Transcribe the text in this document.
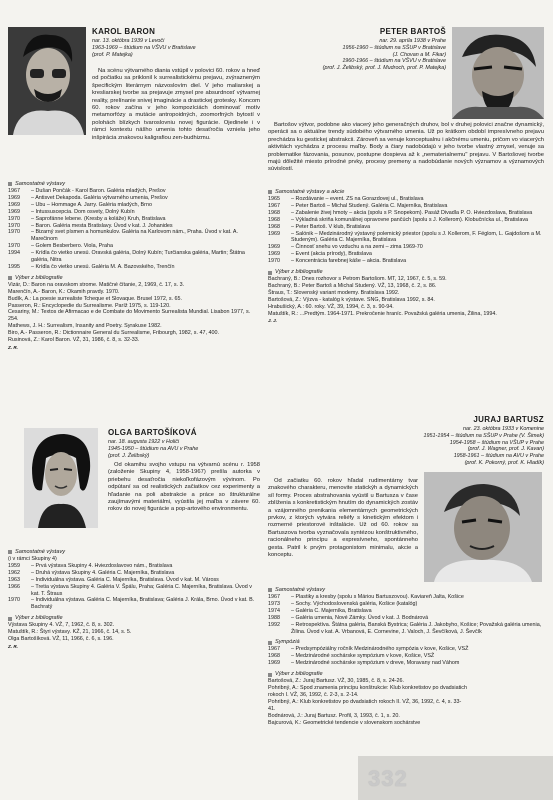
KAROL BARON
nar. 13. októbra 1939 v Levoči
1963-1969 – štúdium na VŠVU v Bratislave
(prof. P. Matejka)

Na scénu výtvarného diania vstúpil v polovici 60. rokov a hneď od počiatku sa priklonil k surrealistickému prejavu, zvýrazneným špecifickým literárnym názvoslovím diel. V jeho maliarskej a kresliarskej tvorbe sa prejavuje zmysel pre absurdnosť výtvarnej reality, prelínanie snivej imaginácie a drastickej grotesky. Koncom 60. rokov začína v jeho kompozíciách dominovať motív metamorfózy a mutácie antropoidných, zoomorfných bytostí v polohách blízkych tvaroslovniu novej figurácie. Ojedinele i v rámci kontextu nášho umenia tohto desaťročia vzniela jeho inšpirácia znakovou kaligrafiou zen-budhizmu.

Samostatné výstavy
1967	– Dušan Pončák - Karol Baron. Galéria mladých, Prešov
1969	– Antisvet Dekapoda. Galéria výtvarného umenia, Prešov
1969	– Ubu – Hommage A. Jarry. Galéria mladých, Brno
1969	– Intussuscepcia. Dom osvety, Dolný Kubín
1970	– Saprofánne lebene. (Kresby a koláže) Kruh, Bratislava
1970	– Baron. Galéria mesta Bratislavy. Úvod v kat. J. Johanides
1970	– Bizarný svet písmen a homunkulov. Galéria na Karlovom nám., Praha. Úvod v kat. A. Marečinom
1970	– Golem Besberbero. Viola, Praha
1994	– Krídla čo vietko unesú. Oravská galéria, Dolný Kubín; Turčianska galéria, Martin; Štátna galéria, Nitra
1995	– Krídla čo vietko unesú. Galéria M. A. Bazovského, Trenčín
Výber z bibliografie
Vizár, D.: Baron na oravskom strome. Matičné čítanie, 2, 1969, č. 17, s. 3.
Marenčín, A.- Baron, K.: Okamih pravdy. 1970.
Budík, A.: La poesie surrealiste Tcheque et Slovaque. Brusel 1972, s. 65.
Passeron, R.: Encyclopedie du Surrealisme. Paríž 1975, s. 119-120.
Cesariny, M.: Textos de Afirmacao e de Combate do Movimento Surrealista Mundial. Lisabon 1977, s. 254.
Mathews, J. H.: Surrealism, Insanity and Poetry. Syrakuse 1982.
Biro, A.- Passeron, R.: Dictionnaire General du Surrealisme, Fribourgh, 1982, s. 47, 400.
Rusinová, Z.: Karol Baron. VŽ, 31, 1986, č. 8, s. 32-33.
Z. R.
PETER BARTOŠ
nar. 29. apríla 1938 v Prahe
1956-1960 – štúdium na SŠUP v Bratislave
(J. Chovan a M. Fikar)
1960-1966 – štúdium na VŠVU v Bratislave
(prof. J. Želibský, prof. J. Mudroch, prof. P. Matejka)

Bartošov výtvor, podobne ako viacerý jeho generačných druhov, bol v druhej polovici značne dynamický, operácii sa o aktuálne trendy súdobého výtvarného umenia. Už po krátkom období impresívneho prejavu prechádza ku gestickej abstrakcii. Zároveň sa venuje konceptualnu i akčnému umeniu, pričom vo viacerých aktivitách vychádza z procesu maľby. Body a čiary nadobúdajú v jeho tvorbe vlastný zmysel, venuje sa problematike fázovania, posunov, postupne dospieva až k „nematerialnemu" prejavu. V Bartošovej tvorbe majú dôležité miesto prírodné prvky, procesy premeny a nadobúdanie nových významov a významových súvislostí.

Samostatné výstavy a akcie
1965	– Rozdávanie – event. ZS na Gorazdovej ul., Bratislava
1967	– Peter Bartoš – Michal Studený. Galéria C. Majerníka, Bratislava
1968	– Zabalenie živej hmoty – akcia (spolu s P. Snopekom). Pasáž Divadla P. O. Hviezdoslava, Bratislava
1968	– Výkladná skriňa komunálnej opravovne pančúch (spolu s J. Kollerom). Klobučnícka ul., Bratislava
1968	– Peter Bartoš. V klub, Bratislava
1969	– Salónik – Medzinárodný výstavný polemický priestor (spolu s J. Kollerom, F. Féglom, L. Gajdošom a M. Studeným). Galéria C. Majerníka, Bratislava
1969	– Činnosť snehu vo vzduchu a na zemi – zima 1969-70
1969	– Event (akcia prírody), Bratislava
1970	– Koncentrácia farebnej káše – akcia. Bratislava
Výber z bibliografie
Bachraný, B.: Dnes rozhovor s Petrom Bartošom. MT, 12, 1967, č. 5, s. 59.
Bachraný, B.: Peter Bartoš a Michal Studený. VŽ, 13, 1968, č. 2, s. 86.
Štraus, T.: Slovenský variant modemy. Bratislava 1992.
Bartošová, Z.: Výzva - katalóg k výstave. SNG, Bratislava 1992, s. 84.
Hrabušický, A.: 60. roky. VŽ, 39, 1994, č. 3, s. 90-94.
Matuštík, R.: ...Predtým. 1964-1971. Prekročenie hraníc. Považská galéria umenia, Žilina, 1994.
J. J.
OLGA BARTOŠÍKOVÁ
nar. 18. augusta 1922 v Holiči
1945-1950 – štúdium na AVU v Prahe
(prof. J. Želibský)

Od okamihu svojho vstupu na výtvarnú scénu r. 1958 (založenie Skupiny 4, 1958-1967) prešla autorka v priebehu desaťročia niekoľkofázovým vývinom. Po odpútaní sa od realistických začiatkov cez experimenty a hľadanie na poli abstrakcie a práce so štrukturálne zaujímavými materiálmi, vyústila jej maľba v závere 60. rokov do novej figurácie a pop-artového environmentu.

Samostatné výstavy
(i v rámci Skupiny 4)
1959	– Prvá výstava Skupiny 4. Hviezdoslavovo nám., Bratislava
1962	– Druhá výstava Skupiny 4. Galéria C. Majerníka, Bratislava
1963	– Individuálna výstava. Galéria C. Majerníka, Bratislava. Úvod v kat. M. Váross
1966	– Tretia výstava Skupiny 4. Galéria V. Špálu, Praha; Galéria C. Majerníka, Bratislava. Úvod v kat. T. Štraus
1970	– Individuálna výstava. Galéria C. Majerníka, Bratislava; Galéria J. Krála, Brno. Úvod v kat. B. Bachratý
Výber z bibliografie
Výstava Skupiny 4. VŽ, 7, 1962, č. 8, s. 302.
Matuštík, R.: Štyri výstavy. KŽ, 21, 1966, č. 14, s. 5.
Olga Bartošíková. VŽ, 11, 1966, č. 6, s. 196.
Z. R.
JURAJ BARTUSZ
nar. 23. októbra 1933 v Komenine
1951-1954 – štúdium na SŠUP v Prahe (V. Šimek)
1954-1958 – štúdium na VŠUP v Prahe
(prof. J. Wagner, prof. J. Kavan)
1958-1961 – štúdium na AVU v Prahe
(prof. K. Pokorný, prof. K. Hladík)

Od začiatku 60. rokov hľadal rudimentárny tvar znakového charakteru, menovite statickýh a dynamických síl formy. Proces abstrahovania vyústil u Bartusza v čase zblíženia s konkretistickým hnutím do dynamických zostáv a vzájomného prenikania elementárnych geometrických prvkov, z ktorých vytvára reliéfy s kinetickým efektom i rozmerné priestorové inštalácie. Už od 60. rokov sa Bartuszova tvorba vyznačovala syntézou konštruktivného, racionálneho princípu a expresívneho, spontánneho gesta. Patril k prvým protagonistom minimalu, akcie a konceptu.

Samostatné výstavy
1967	– Plastiky a kresby (spolu s Máriou Bartuszovou). Kaviareň Jalta, Košice
1973	– Sochy. Východoslovenská galéria, Košice (katalóg)
1974	– Galéria C. Majerníka, Bratislava
1988	– Galéria umenia, Nové Zámky. Úvod v kat. J. Bodnárová
1992	– Retrospektíva. Štátna galéria, Banská Bystrica; Galéria J. Jakobyho, Košice; Považská galéria umenia, Žilina. Úvod v kat. A. Vrbanová, E. Cornevine, J. Valoch, J. Ševčíková, J. Ševčík
Sympóziá
1967	– Predsympóziálny ročník Medzinárodného sympózia v kove, Košice, VSŽ
1968	– Medzinárodné sochárske sympózium v kove, Košice, VSŽ
1969	– Medzinárodné sochárske sympózium v dreve, Moravany nad Váhom
Výber z bibliografie
Bartošová, Z.: Juraj Bartusz. VŽ, 30, 1985, č. 8, s. 24-26.
Pohribný, A.: Spod znamenia princípu konštrukcie: Klub konkretistov po dvadsiatich rokoch I. VŽ, 36, 1992, č. 2-3, s. 2-14.
Pohribný, A.: Klub konkretistov po dvadsiatich rokoch II. VŽ, 36, 1992, č. 4, s. 33-41.
Bodnárová, J.: Juraj Bartusz. Profil, 3, 1993, č. 1, s. 20.
Bajcurová, K.: Geometrické tendencie v slovenskom sochárstve
332
